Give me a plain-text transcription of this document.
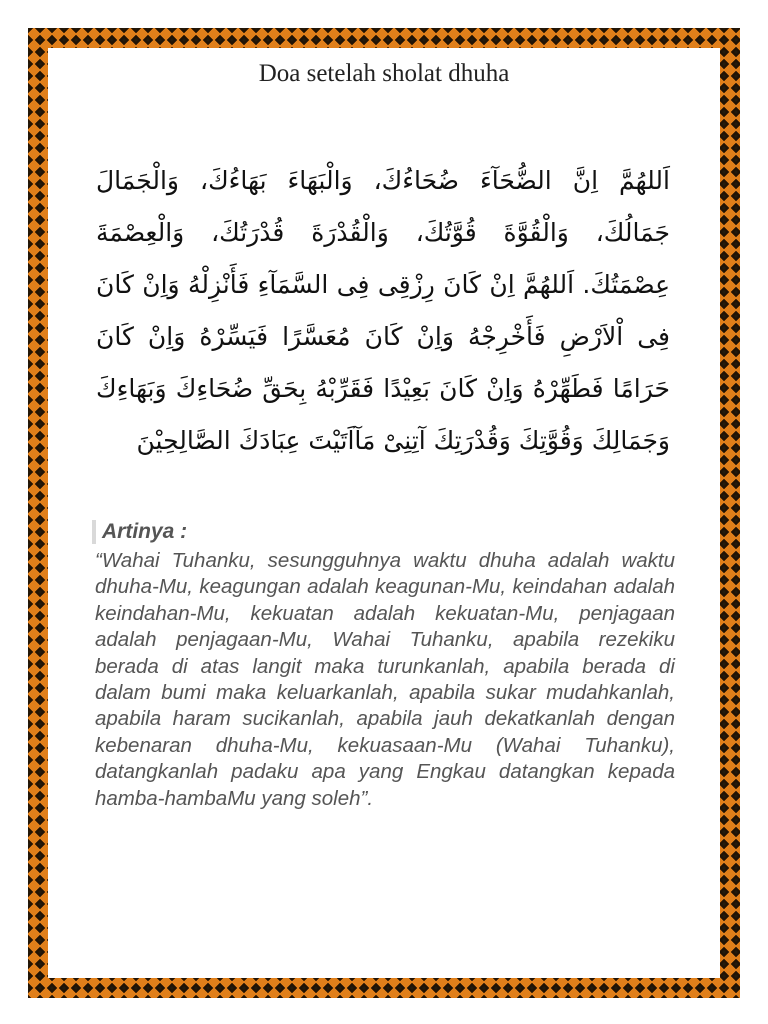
Doa setelah sholat dhuha

اَللهُمَّ اِنَّ الضُّحَآءَ ضُحَاءُكَ، وَالْبَهَاءَ بَهَاءُكَ، وَالْجَمَالَ جَمَالُكَ، وَالْقُوَّةَ قُوَّتُكَ، وَالْقُدْرَةَ قُدْرَتُكَ، وَالْعِصْمَةَ عِصْمَتُكَ. اَللهُمَّ اِنْ كَانَ رِزْقِى فِى السَّمَآءِ فَأَنْزِلْهُ وَاِنْ كَانَ فِى اْلاَرْضِ فَأَخْرِجْهُ وَاِنْ كَانَ مُعَسَّرًا فَيَسِّرْهُ وَاِنْ كَانَ حَرَامًا فَطَهِّرْهُ وَاِنْ كَانَ بَعِيْدًا فَقَرِّبْهُ بِحَقِّ ضُحَاءِكَ وَبَهَاءِكَ وَجَمَالِكَ وَقُوَّتِكَ وَقُدْرَتِكَ آتِنِىْ مَآاَتَيْتَ عِبَادَكَ الصَّالِحِيْنَ

Artinya :

“Wahai Tuhanku, sesungguhnya waktu dhuha adalah waktu dhuha-Mu, keagungan adalah keagunan-Mu, keindahan adalah keindahan-Mu, kekuatan adalah kekuatan-Mu, penjagaan adalah penjagaan-Mu, Wahai Tuhanku, apabila rezekiku berada di atas langit maka turunkanlah, apabila berada di dalam bumi maka keluarkanlah, apabila sukar mudahkanlah, apabila haram sucikanlah, apabila jauh dekatkanlah dengan kebenaran dhuha-Mu, kekuasaan-Mu (Wahai Tuhanku), datangkanlah padaku apa yang Engkau datangkan kepada hamba-hambaMu yang soleh”.
